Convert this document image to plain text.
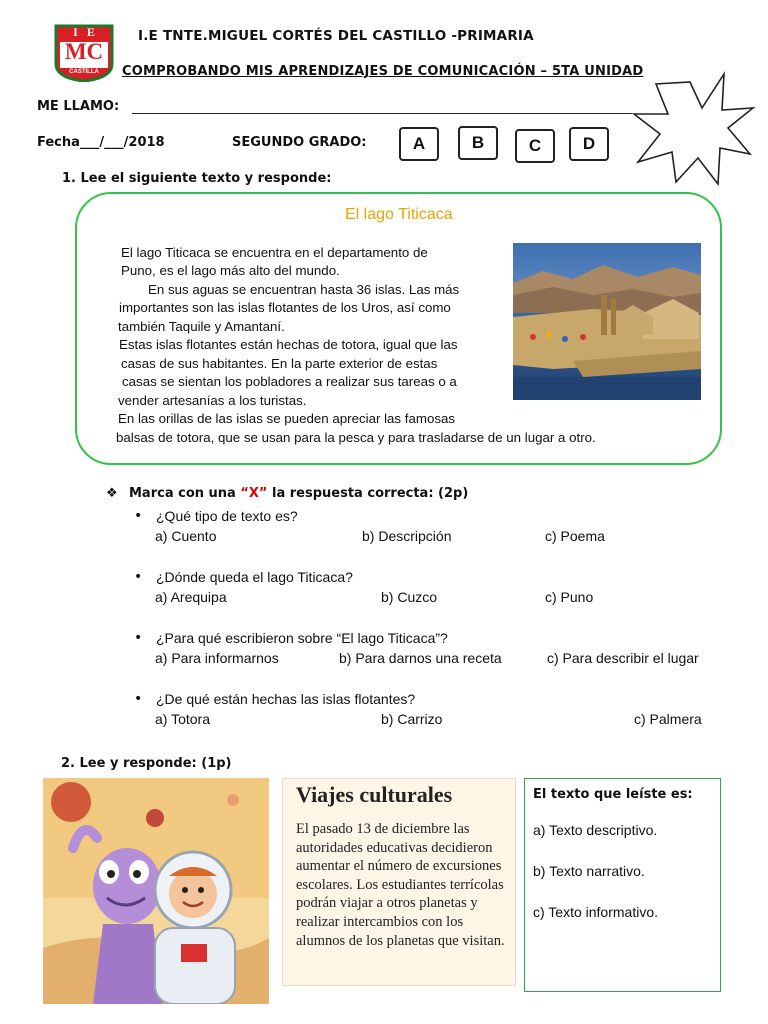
I   E
MC
CASTILLA
I.E TNTE.MIGUEL CORTÉS DEL CASTILLO -PRIMARIA
COMPROBANDO MIS APRENDIZAJES DE COMUNICACIÓN – 5TA UNIDAD
ME LLAMO:
Fecha___/___/2018	SEGUNDO GRADO:	A	B	C	D
1. Lee el siguiente texto y responde:
El lago Titicaca
El lago Titicaca se encuentra en el departamento de
Puno, es el lago más alto del mundo.
En sus aguas se encuentran hasta 36 islas. Las más
importantes son las islas flotantes de los Uros, así como
también Taquile y Amantaní.
Estas islas flotantes están hechas de totora, igual que las
casas de sus habitantes. En la parte exterior de estas
casas se sientan los pobladores a realizar sus tareas o a
vender artesanías a los turistas.
En las orillas de las islas se pueden apreciar las famosas
balsas de totora, que se usan para la pesca y para trasladarse de un lugar a otro.
❖ Marca con una “X” la respuesta correcta: (2p)
• ¿Qué tipo de texto es?
a) Cuento	b) Descripción	c) Poema
• ¿Dónde queda el lago Titicaca?
a) Arequipa	b) Cuzco	c) Puno
• ¿Para qué escribieron sobre “El lago Titicaca”?
a) Para informarnos	b) Para darnos una receta	c) Para describir el lugar
• ¿De qué están hechas las islas flotantes?
a) Totora	b) Carrizo	c) Palmera
2. Lee y responde: (1p)
Viajes culturales
El pasado 13 de diciembre las autoridades educativas decidieron aumentar el número de excursiones escolares. Los estudiantes terrícolas podrán viajar a otros planetas y realizar intercambios con los alumnos de los planetas que visitan.
El texto que leíste es:
a) Texto descriptivo.
b) Texto narrativo.
c) Texto informativo.
